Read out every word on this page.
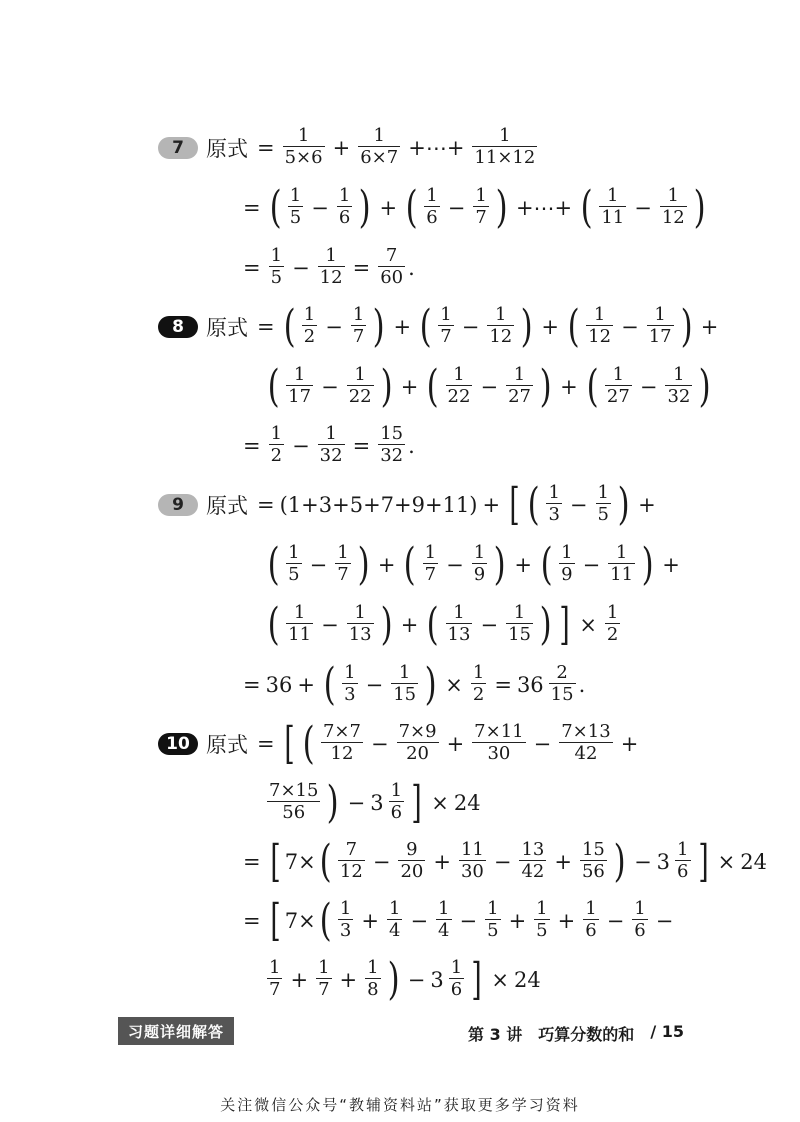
7	原式 = $\frac{1}{5\times 6} + \frac{1}{6\times 7}$ +⋯+ $\frac{1}{11\times 12}$
= ( $\frac{1}{5} - \frac{1}{6}$ ) + ( $\frac{1}{6} - \frac{1}{7}$ ) +⋯+ ( $\frac{1}{11} - \frac{1}{12}$ )
= $\frac{1}{5} - \frac{1}{12} = \frac{7}{60}$ .
8	原式 = ( $\frac{1}{2} - \frac{1}{7}$ ) + ( $\frac{1}{7} - \frac{1}{12}$ ) + ( $\frac{1}{12} - \frac{1}{17}$ ) +
( $\frac{1}{17} - \frac{1}{22}$ ) + ( $\frac{1}{22} - \frac{1}{27}$ ) + ( $\frac{1}{27} - \frac{1}{32}$ )
= $\frac{1}{2} - \frac{1}{32} = \frac{15}{32}$ .
9	原式 = (1+3+5+7+9+11) + [ ( $\frac{1}{3} - \frac{1}{5}$ ) +
( $\frac{1}{5} - \frac{1}{7}$ ) + ( $\frac{1}{7} - \frac{1}{9}$ ) + ( $\frac{1}{9} - \frac{1}{11}$ ) +
( $\frac{1}{11} - \frac{1}{13}$ ) + ( $\frac{1}{13} - \frac{1}{15}$ ) ] × $\frac{1}{2}$
= 36 + ( $\frac{1}{3} - \frac{1}{15}$ ) × $\frac{1}{2} = 36 \frac{2}{15}$ .
10 原式 = [ ( $\frac{7\times 7}{12} - \frac{7\times 9}{20} + \frac{7\times 11}{30} - \frac{7\times 13}{42}$ +
$\frac{7\times 15}{56}$ ) − $3 \frac{1}{6}$ ] × 24
= [ 7× ( $\frac{7}{12} - \frac{9}{20} + \frac{11}{30} - \frac{13}{42} + \frac{15}{56}$ ) − $3 \frac{1}{6}$ ] × 24
= [ 7× ( $\frac{1}{3} + \frac{1}{4} - \frac{1}{4} - \frac{1}{5} + \frac{1}{5} + \frac{1}{6} - \frac{1}{6}$ −
$\frac{1}{7} + \frac{1}{7} + \frac{1}{8}$ ) − $3 \frac{1}{6}$ ] × 24
习题详细解答	第 3 讲 巧算分数的和 / 15
关注微信公众号“教辅资料站”获取更多学习资料
